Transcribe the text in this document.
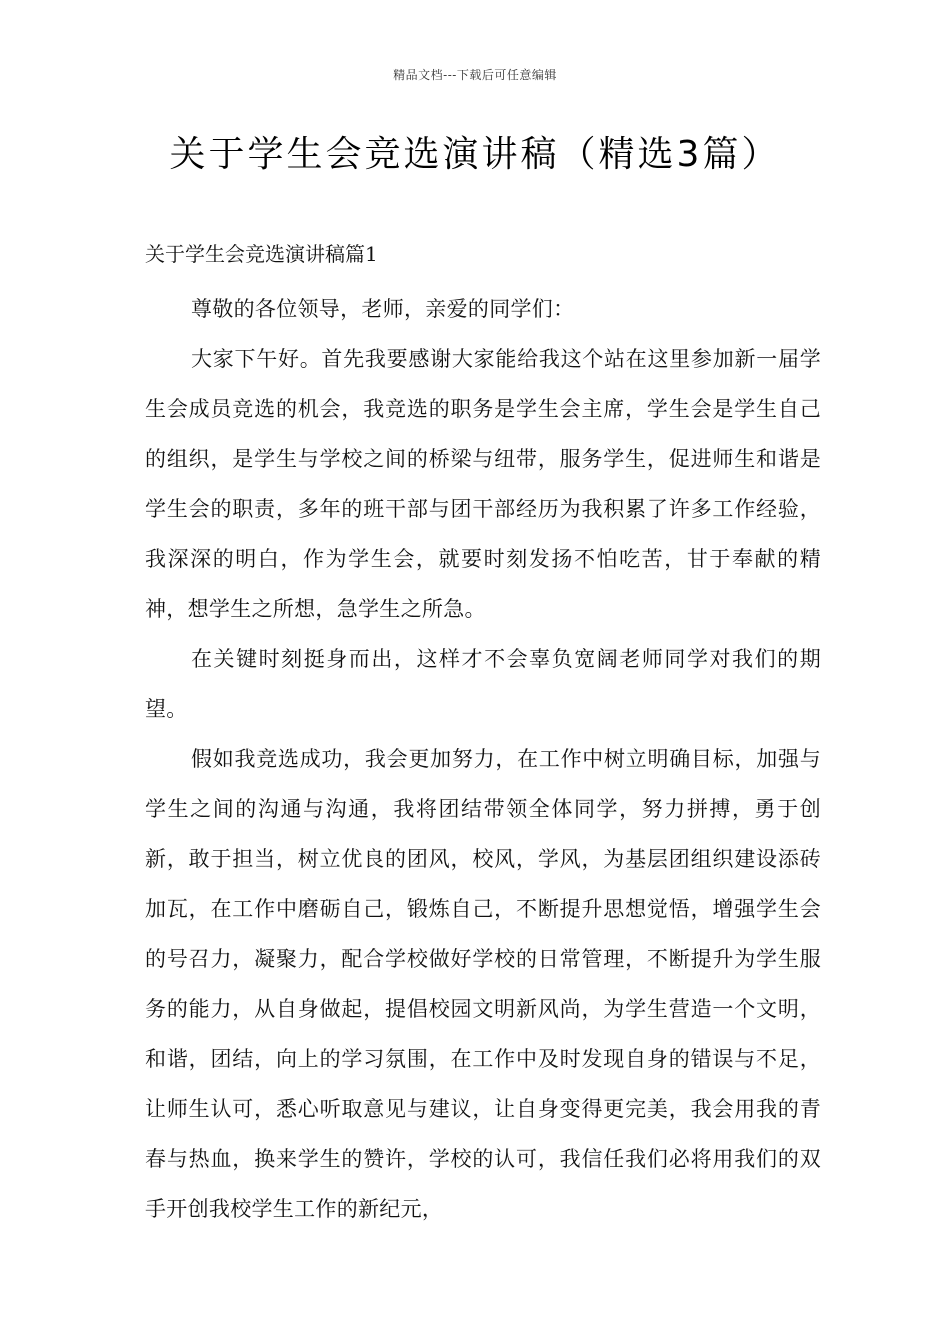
精品文档---下载后可任意编辑
关于学生会竞选演讲稿（精选3篇）
关于学生会竞选演讲稿篇1

尊敬的各位领导，老师，亲爱的同学们：

大家下午好。首先我要感谢大家能给我这个站在这里参加新一届学生会成员竞选的机会，我竞选的职务是学生会主席，学生会是学生自己的组织，是学生与学校之间的桥梁与纽带，服务学生，促进师生和谐是学生会的职责，多年的班干部与团干部经历为我积累了许多工作经验，我深深的明白，作为学生会，就要时刻发扬不怕吃苦，甘于奉献的精神，想学生之所想，急学生之所急。

在关键时刻挺身而出，这样才不会辜负宽阔老师同学对我们的期望。

假如我竞选成功，我会更加努力，在工作中树立明确目标，加强与学生之间的沟通与沟通，我将团结带领全体同学，努力拼搏，勇于创新，敢于担当，树立优良的团风，校风，学风，为基层团组织建设添砖加瓦，在工作中磨砺自己，锻炼自己，不断提升思想觉悟，增强学生会的号召力，凝聚力，配合学校做好学校的日常管理，不断提升为学生服务的能力，从自身做起，提倡校园文明新风尚，为学生营造一个文明，和谐，团结，向上的学习氛围，在工作中及时发现自身的错误与不足，让师生认可，悉心听取意见与建议，让自身变得更完美，我会用我的青春与热血，换来学生的赞许，学校的认可，我信任我们必将用我们的双手开创我校学生工作的新纪元，
